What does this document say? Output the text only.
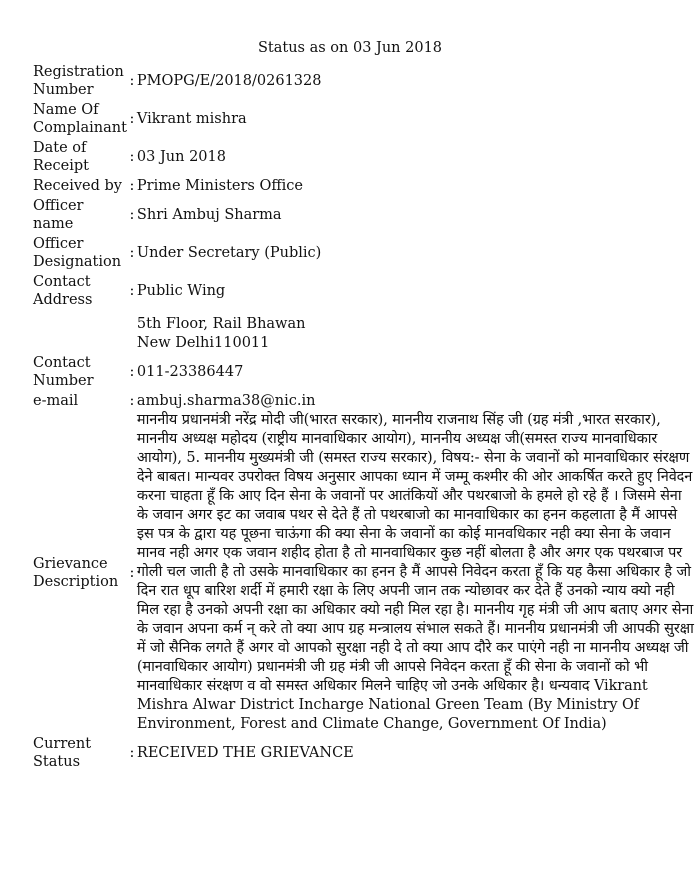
Status as on 03 Jun 2018
Registration Number	:	PMOPG/E/2018/0261328
Name Of Complainant	:	Vikrant mishra
Date of Receipt	:	03 Jun 2018
Received by	:	Prime Ministers Office
Officer name	:	Shri Ambuj Sharma
Officer Designation	:	Under Secretary (Public)
Contact Address	:	Public Wing

		5th Floor, Rail Bhawan
New Delhi110011

Contact Number	:	011-23386447
e-mail	:	ambuj.sharma38@nic.in
Grievance Description	:	माननीय प्रधानमंत्री नरेंद्र मोदी जी(भारत सरकार), माननीय राजनाथ सिंह जी (ग्रह मंत्री ,भारत सरकार), माननीय अध्यक्ष महोदय (राष्ट्रीय मानवाधिकार आयोग), माननीय अध्यक्ष जी(समस्त राज्य मानवाधिकार आयोग), 5. माननीय मुख्यमंत्री जी (समस्त राज्य सरकार), विषय:- सेना के जवानों को मानवाधिकार संरक्षण देने बाबत। मान्यवर उपरोक्त विषय अनुसार आपका ध्यान में जम्मू कश्मीर की ओर आकर्षित करते हुए निवेदन करना चाहता हूँ कि आए दिन सेना के जवानों पर आतंकियों और पथरबाजो के हमले हो रहे हैं । जिसमे सेना के जवान अगर इट का जवाब पथर से देते हैं तो पथरबाजो का मानवाधिकार का हनन कहलाता है मैं आपसे इस पत्र के द्वारा यह पूछना चाऊंगा की क्या सेना के जवानों का कोई मानवधिकार नही क्या सेना के जवान मानव नही अगर एक जवान शहीद होता है तो मानवाधिकार कुछ नहीं बोलता है और अगर एक पथरबाज पर गोली चल जाती है तो उसके मानवाधिकार का हनन है मैं आपसे निवेदन करता हूँ कि यह कैसा अधिकार है जो दिन रात धूप बारिश शर्दी में हमारी रक्षा के लिए अपनी जान तक न्योछावर कर देते हैं उनको न्याय क्यो नही मिल रहा है उनको अपनी रक्षा का अधिकार क्यो नही मिल रहा है। माननीय गृह मंत्री जी आप बताए अगर सेना के जवान अपना कर्म न् करे तो क्या आप ग्रह मन्त्रालय संभाल सकते हैं। माननीय प्रधानमंत्री जी आपकी सुरक्षा में जो सैनिक लगते हैं अगर वो आपको सुरक्षा नही दे तो क्या आप दौरे कर पाएंगे नही ना माननीय अध्यक्ष जी (मानवाधिकार आयोग) प्रधानमंत्री जी ग्रह मंत्री जी आपसे निवेदन करता हूँ की सेना के जवानों को भी मानवाधिकार संरक्षण व वो समस्त अधिकार मिलने चाहिए जो उनके अधिकार है। धन्यवाद Vikrant Mishra Alwar District Incharge National Green Team (By Ministry Of Environment, Forest and Climate Change, Government Of India)
Current Status	:	RECEIVED THE GRIEVANCE
